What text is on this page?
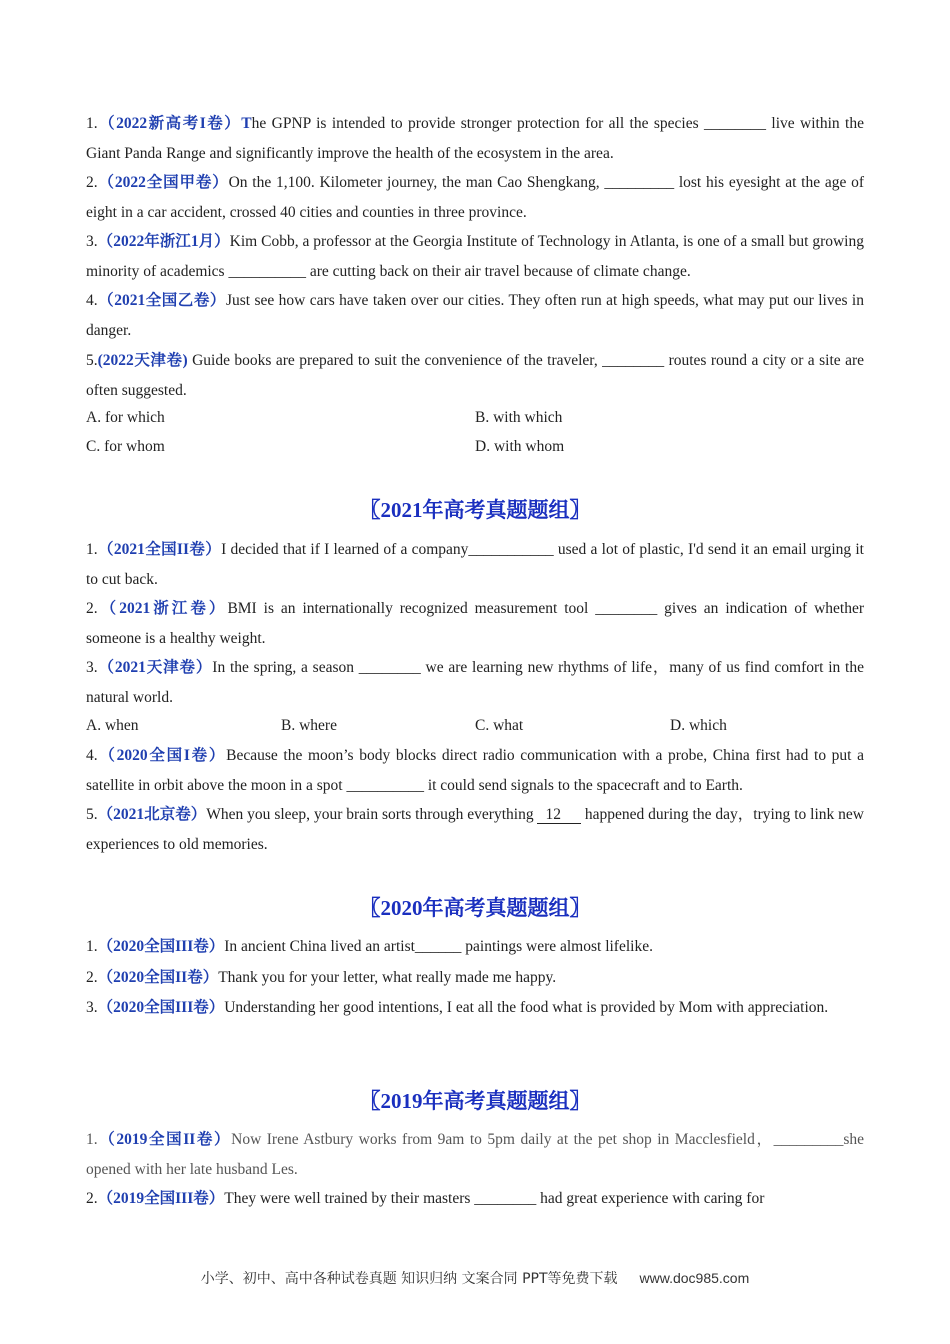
1.（2022新高考I卷）The GPNP is intended to provide stronger protection for all the species ________ live within the Giant Panda Range and significantly improve the health of the ecosystem in the area.

2.（2022全国甲卷）On the 1,100. Kilometer journey, the man Cao Shengkang, _________ lost his eyesight at the age of eight in a car accident, crossed 40 cities and counties in three province.

3.（2022年浙江1月）Kim Cobb, a professor at the Georgia Institute of Technology in Atlanta, is one of a small but growing minority of academics __________ are cutting back on their air travel because of climate change.

4.（2021全国乙卷）Just see how cars have taken over our cities. They often run at high speeds, what may put our lives in danger.

5.(2022天津卷) Guide books are prepared to suit the convenience of the traveler, ________ routes round a city or a site are often suggested.

A. for which	B. with which
C. for whom	D. with whom
〖2021年高考真题题组〗

1.（2021全国II卷）I decided that if I learned of a company___________ used a lot of plastic, I'd send it an email urging it to cut back.

2.（2021浙江卷）BMI is an internationally recognized measurement tool ________ gives an indication of whether someone is a healthy weight.

3.（2021天津卷）In the spring, a season ________ we are learning new rhythms of life，many of us find comfort in the natural world.

A. when	B. where	C. what	D. which

4.（2020全国I卷）Because the moon’s body blocks direct radio communication with a probe, China first had to put a satellite in orbit above the moon in a spot __________ it could send signals to the spacecraft and to Earth.

5.（2021北京卷）When you sleep, your brain sorts through everything 12 happened during the day，trying to link new experiences to old memories.

〖2020年高考真题题组〗

1.（2020全国III卷）In ancient China lived an artist______ paintings were almost lifelike.

2.（2020全国II卷）Thank you for your letter, what really made me happy.

3.（2020全国III卷）Understanding her good intentions, I eat all the food what is provided by Mom with appreciation.

〖2019年高考真题题组〗

1.（2019全国II卷）Now Irene Astbury works from 9am to 5pm daily at the pet shop in Macclesfield，_________she opened with her late husband Les.

2.（2019全国III卷）They were well trained by their masters ________ had great experience with caring for

小学、初中、高中各种试卷真题 知识归纳 文案合同 PPT等免费下载 www.doc985.com
